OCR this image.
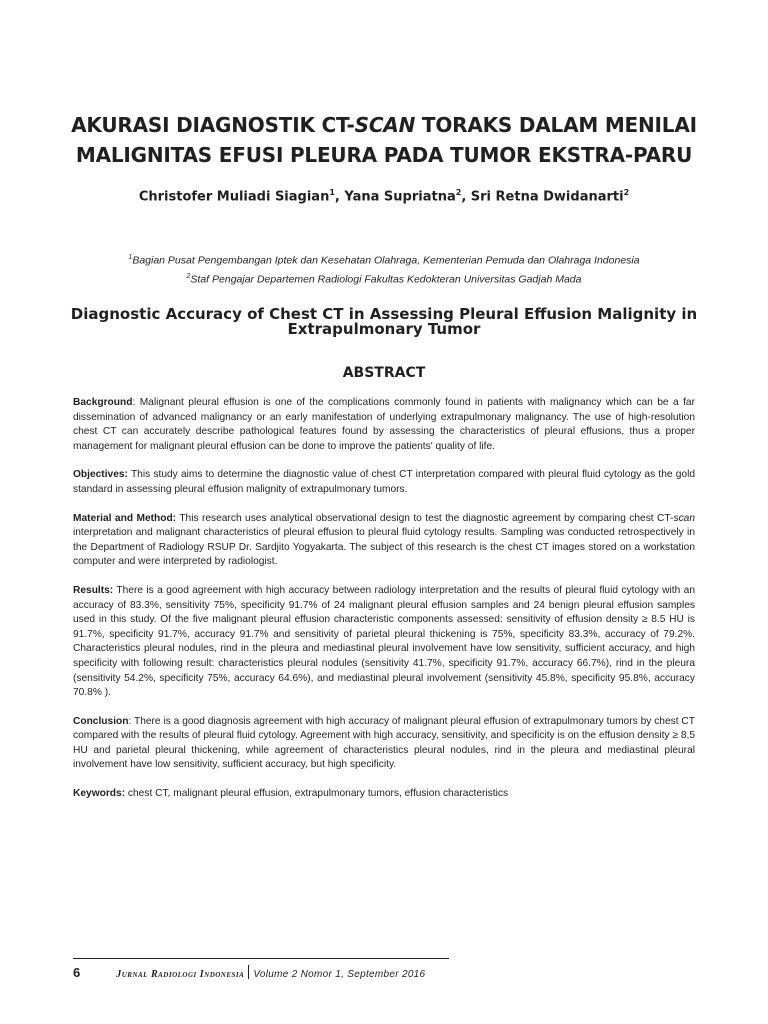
AKURASI DIAGNOSTIK CT-SCAN TORAKS DALAM MENILAI
MALIGNITAS EFUSI PLEURA PADA TUMOR EKSTRA-PARU
Christofer Muliadi Siagian$^1$, Yana Supriatna$^2$, Sri Retna Dwidanarti$^2$
$^1$Bagian Pusat Pengembangan Iptek dan Kesehatan Olahraga, Kementerian Pemuda dan Olahraga Indonesia
$^2$Staf Pengajar Departemen Radiologi Fakultas Kedokteran Universitas Gadjah Mada
Diagnostic Accuracy of Chest CT in Assessing Pleural Effusion Malignity in Extrapulmonary Tumor
ABSTRACT

Background: Malignant pleural effusion is one of the complications commonly found in patients with malignancy which can be a far dissemination of advanced malignancy or an early manifestation of underlying extrapulmonary malignancy. The use of high-resolution chest CT can accurately describe pathological features found by assessing the characteristics of pleural effusions, thus a proper management for malignant pleural effusion can be done to improve the patients' quality of life.

Objectives: This study aims to determine the diagnostic value of chest CT interpretation compared with pleural fluid cytology as the gold standard in assessing pleural effusion malignity of extrapulmonary tumors.

Material and Method: This research uses analytical observational design to test the diagnostic agreement by comparing chest CT-scan interpretation and malignant characteristics of pleural effusion to pleural fluid cytology results. Sampling was conducted retrospectively in the Department of Radiology RSUP Dr. Sardjito Yogyakarta. The subject of this research is the chest CT images stored on a workstation computer and were interpreted by radiologist.

Results: There is a good agreement with high accuracy between radiology interpretation and the results of pleural fluid cytology with an accuracy of 83.3%, sensitivity 75%, specificity 91.7% of 24 malignant pleural effusion samples and 24 benign pleural effusion samples used in this study. Of the five malignant pleural effusion characteristic components assessed: sensitivity of effusion density ≥ 8.5 HU is 91.7%, specificity 91.7%, accuracy 91.7% and sensitivity of parietal pleural thickening is 75%, specificity 83.3%, accuracy of 79.2%. Characteristics pleural nodules, rind in the pleura and mediastinal pleural involvement have low sensitivity, sufficient accuracy, and high specificity with following result: characteristics pleural nodules (sensitivity 41.7%, specificity 91.7%, accuracy 66.7%), rind in the pleura (sensitivity 54.2%, specificity 75%, accuracy 64.6%), and mediastinal pleural involvement (sensitivity 45.8%, specificity 95.8%, accuracy 70.8% ).

Conclusion: There is a good diagnosis agreement with high accuracy of malignant pleural effusion of extrapulmonary tumors by chest CT compared with the results of pleural fluid cytology. Agreement with high accuracy, sensitivity, and specificity is on the effusion density ≥ 8,5 HU and parietal pleural thickening, while agreement of characteristics pleural nodules, rind in the pleura and mediastinal pleural involvement have low sensitivity, sufficient accuracy, but high specificity.

Keywords: chest CT, malignant pleural effusion, extrapulmonary tumors, effusion characteristics

6	Jurnal Radiologi Indonesia Volume 2 Nomor 1, September 2016
